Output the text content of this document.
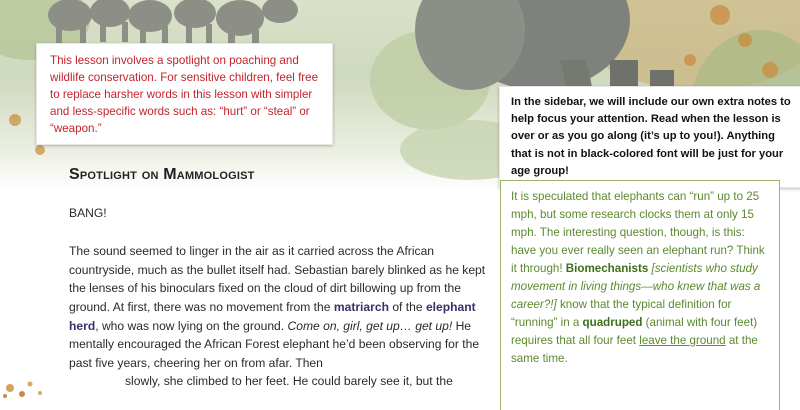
This lesson involves a spotlight on poaching and wildlife conservation. For sensitive children, feel free to replace harsher words in this lesson with simpler and less-specific words such as: “hurt” or “steal” or “weapon.”
In the sidebar, we will include our own extra notes to help focus your attention. Read when the lesson is over or as you go along (it’s up to you!). Anything that is not in black-colored font will be just for your age group!
Spotlight on Mammologist
BANG!

The sound seemed to linger in the air as it carried across the African countryside, much as the bullet itself had. Sebastian barely blinked as he kept the lenses of his binoculars fixed on the cloud of dirt billowing up from the ground. At first, there was no movement from the matriarch of the elephant herd, who was now lying on the ground. Come on, girl, get up… get up! He mentally encouraged the African Forest elephant he’d been observing for the past five years, cheering her on from afar. Then
slowly, she climbed to her feet. He could barely see it, but the

It is speculated that elephants can “run” up to 25 mph, but some research clocks them at only 15 mph. The interesting question, though, is this: have you ever really seen an elephant run? Think it through! Biomechanists [scientists who study movement in living things—who knew that was a career?!] know that the typical definition for “running” in a quadruped (animal with four feet) requires that all four feet leave the ground at the same time.
